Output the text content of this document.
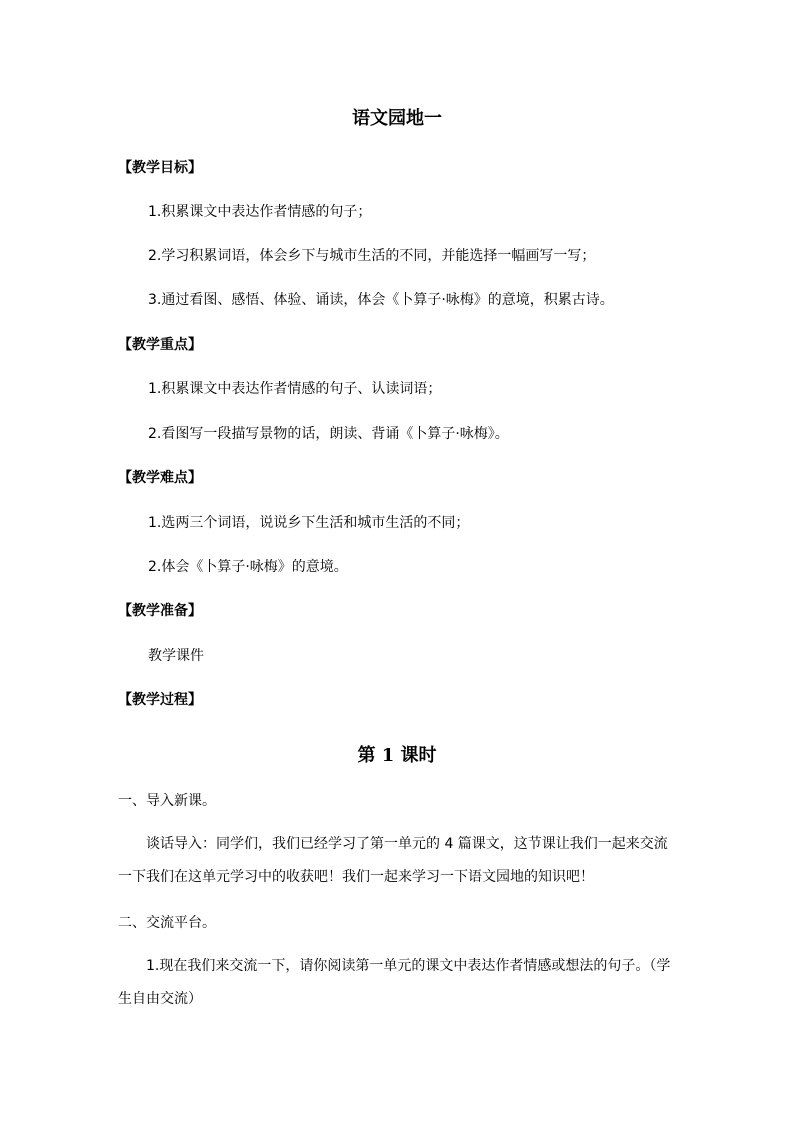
语文园地一
【教学目标】
1.积累课文中表达作者情感的句子；
2.学习积累词语，体会乡下与城市生活的不同，并能选择一幅画写一写；
3.通过看图、感悟、体验、诵读，体会《卜算子·咏梅》的意境，积累古诗。
【教学重点】
1.积累课文中表达作者情感的句子、认读词语；
2.看图写一段描写景物的话，朗读、背诵《卜算子·咏梅》。
【教学难点】
1.选两三个词语，说说乡下生活和城市生活的不同；
2.体会《卜算子·咏梅》的意境。
【教学准备】
教学课件
【教学过程】
第 1 课时
一、导入新课。
谈话导入：同学们，我们已经学习了第一单元的 4 篇课文，这节课让我们一起来交流一下我们在这单元学习中的收获吧！我们一起来学习一下语文园地的知识吧！
二、交流平台。
1.现在我们来交流一下，请你阅读第一单元的课文中表达作者情感或想法的句子。（学生自由交流）
